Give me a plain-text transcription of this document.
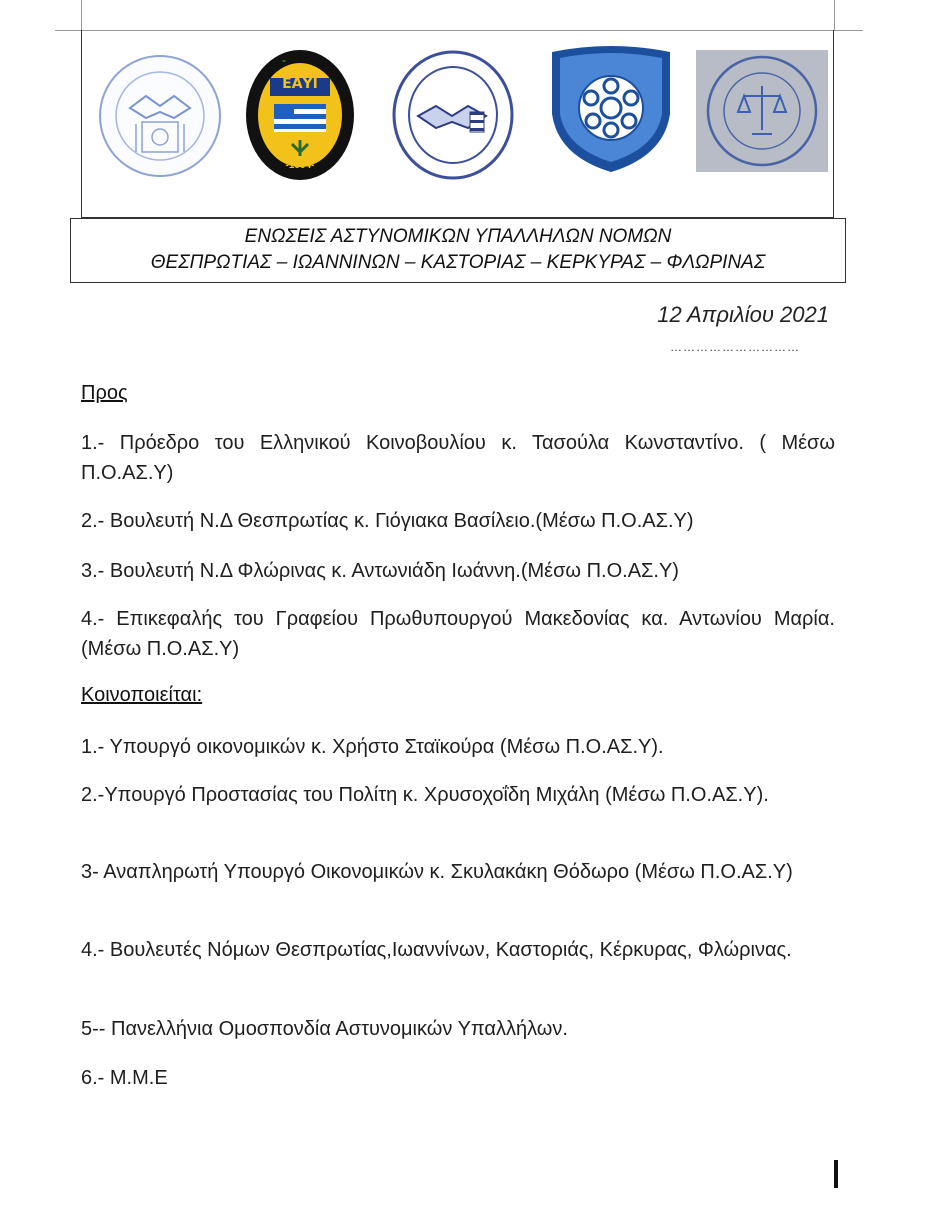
ΕΑΥΙ
-1994-
ΕΝΩΣΕΙΣ ΑΣΤΥΝΟΜΙΚΩΝ ΥΠΑΛΛΗΛΩΝ ΝΟΜΩΝ
ΘΕΣΠΡΩΤΙΑΣ – ΙΩΑΝΝΙΝΩΝ – ΚΑΣΤΟΡΙΑΣ – ΚΕΡΚΥΡΑΣ – ΦΛΩΡΙΝΑΣ
12 Απριλίου 2021
…………………………
Προς
1.- Πρόεδρο του Ελληνικού Κοινοβουλίου κ. Τασούλα Κωνσταντίνο. ( Μέσω Π.Ο.ΑΣ.Υ)
2.- Βουλευτή Ν.Δ Θεσπρωτίας κ. Γιόγιακα Βασίλειο.(Μέσω Π.Ο.ΑΣ.Υ)
3.- Βουλευτή Ν.Δ Φλώρινας κ. Αντωνιάδη Ιωάννη.(Μέσω Π.Ο.ΑΣ.Υ)
4.- Επικεφαλής του Γραφείου Πρωθυπουργού Μακεδονίας κα. Αντωνίου Μαρία. (Μέσω Π.Ο.ΑΣ.Υ)
Κοινοποιείται:
1.- Υπουργό οικονομικών κ. Χρήστο Σταϊκούρα (Μέσω Π.Ο.ΑΣ.Υ).
2.-Υπουργό Προστασίας του Πολίτη κ. Χρυσοχοΐδη Μιχάλη (Μέσω Π.Ο.ΑΣ.Υ).
3- Αναπληρωτή Υπουργό Οικονομικών κ. Σκυλακάκη Θόδωρο (Μέσω Π.Ο.ΑΣ.Υ)
4.- Βουλευτές Νόμων Θεσπρωτίας,Ιωαννίνων, Καστοριάς, Κέρκυρας, Φλώρινας.
5-- Πανελλήνια Ομοσπονδία Αστυνομικών Υπαλλήλων.
6.- Μ.Μ.Ε
